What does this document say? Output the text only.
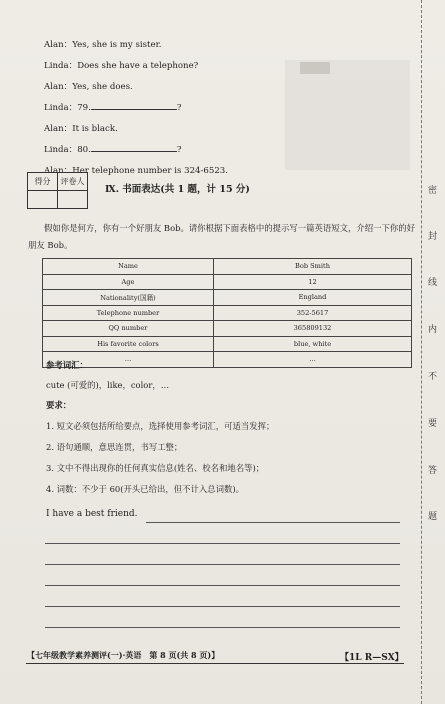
Alan：Yes, she is my sister.
Linda：Does she have a telephone?
Alan：Yes, she does.
Linda：79.	?
Alan：It is black.
Linda：80.	?
Alan：Her telephone number is 324-6523.
得分	评卷人

Ⅸ. 书面表达(共 1 题，计 15 分)
假如你是何方，你有一个好朋友 Bob。请你根据下面表格中的提示写一篇英语短文，介绍一下你的好朋友 Bob。
Name	Bob Smith
Age	12
Nationality(国籍)	England
Telephone number	352-5617
QQ number	365809132
His favorite colors	blue, white
…	…
参考词汇：
cute (可爱的)，like，color，…
要求：
1. 短文必须包括所给要点，选择使用参考词汇，可适当发挥；
2. 语句通顺，意思连贯，书写工整；
3. 文中不得出现你的任何真实信息(姓名、校名和地名等)；
4. 词数：不少于 60(开头已给出，但不计入总词数)。
I have a best friend.
【七年级教学素养测评(一)·英语　第 8 页(共 8 页)】	【1L R—SX】
密
封
线
内
不
要
答
题
